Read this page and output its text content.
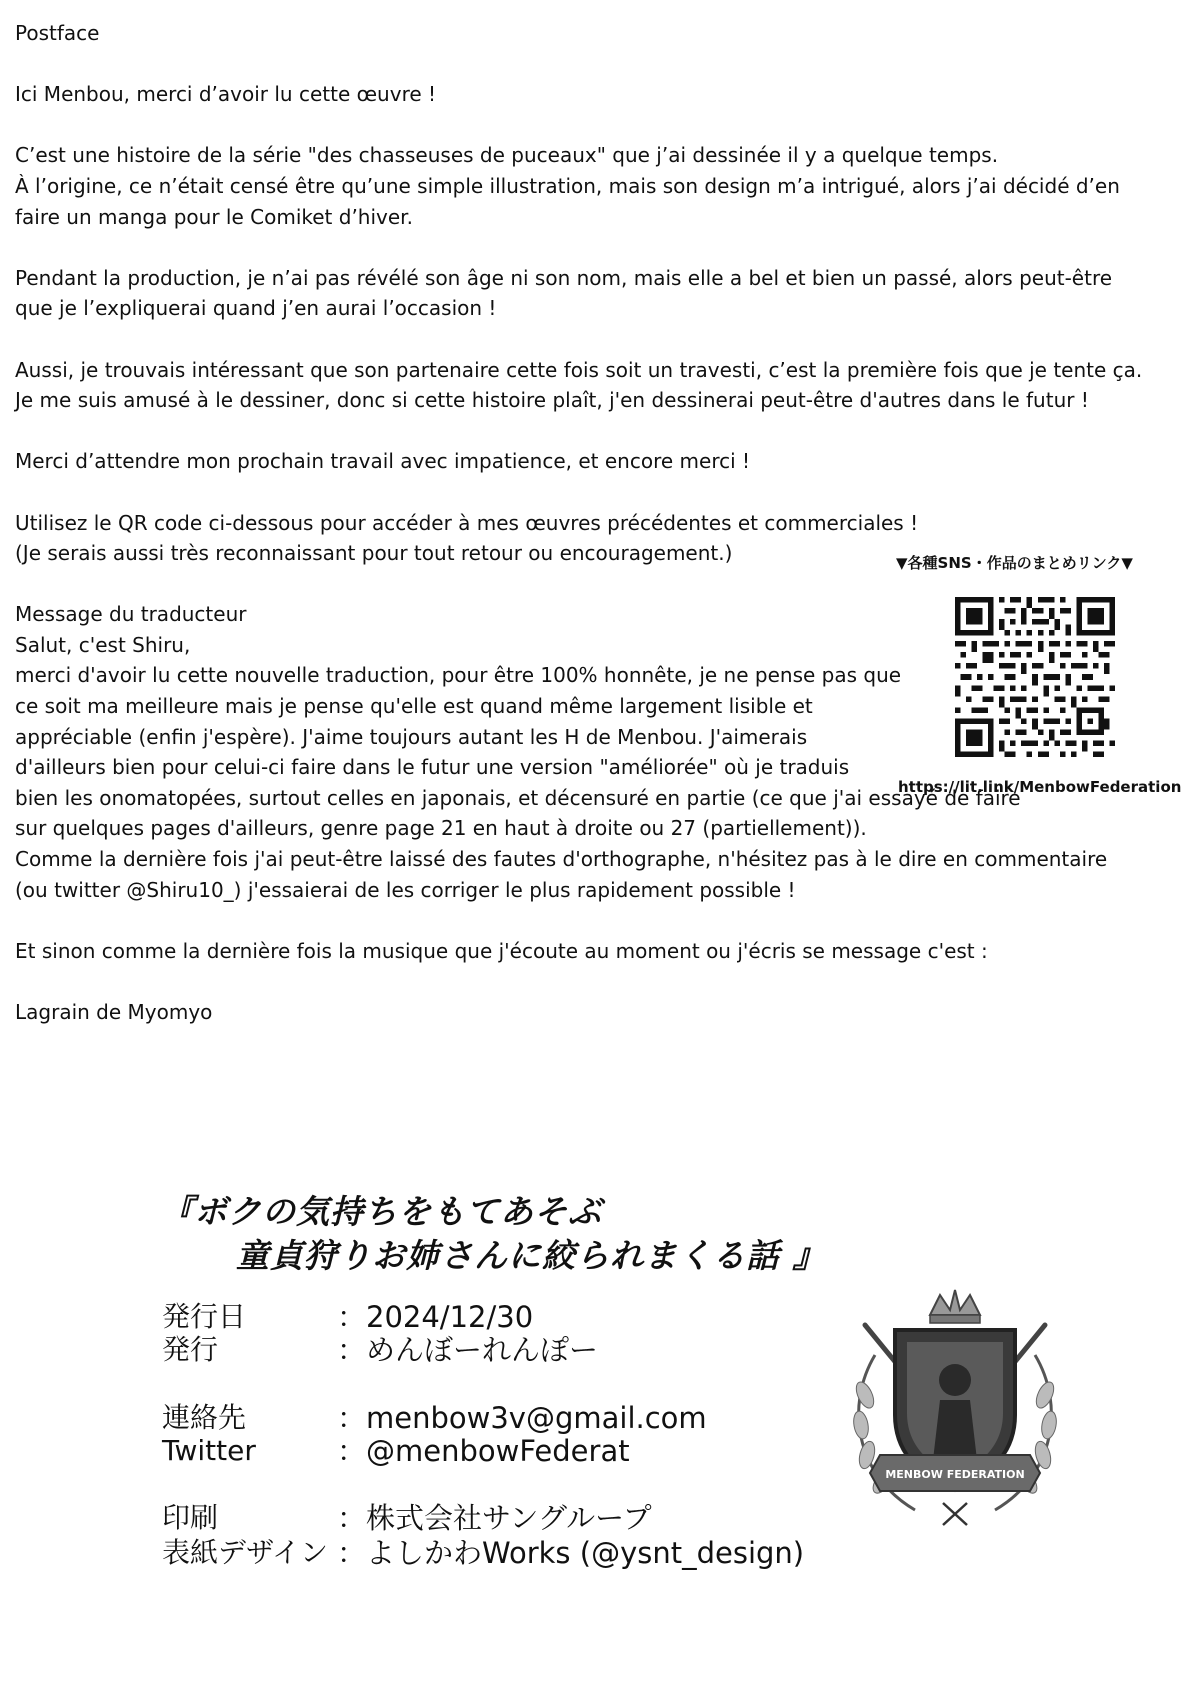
Postface

Ici Menbou, merci d’avoir lu cette œuvre !

C’est une histoire de la série "des chasseuses de puceaux" que j’ai dessinée il y a quelque temps.
À l’origine, ce n’était censé être qu’une simple illustration, mais son design m’a intrigué, alors j’ai décidé d’en
faire un manga pour le Comiket d’hiver.

Pendant la production, je n’ai pas révélé son âge ni son nom, mais elle a bel et bien un passé, alors peut-être
que je l’expliquerai quand j’en aurai l’occasion !

Aussi, je trouvais intéressant que son partenaire cette fois soit un travesti, c’est la première fois que je tente ça.
Je me suis amusé à le dessiner, donc si cette histoire plaît, j'en dessinerai peut-être d'autres dans le futur !

Merci d’attendre mon prochain travail avec impatience, et encore merci !

Utilisez le QR code ci-dessous pour accéder à mes œuvres précédentes et commerciales !
(Je serais aussi très reconnaissant pour tout retour ou encouragement.)

Message du traducteur
Salut, c'est Shiru,
merci d'avoir lu cette nouvelle traduction, pour être 100% honnête, je ne pense pas que
ce soit ma meilleure mais je pense qu'elle est quand même largement lisible et
appréciable (enfin j'espère). J'aime toujours autant les H de Menbou. J'aimerais
d'ailleurs bien pour celui-ci faire dans le futur une version "améliorée" où je traduis
bien les onomatopées, surtout celles en japonais, et décensuré en partie (ce que j'ai essayé de faire
sur quelques pages d'ailleurs, genre page 21 en haut à droite ou 27 (partiellement)).
Comme la dernière fois j'ai peut-être laissé des fautes d'orthographe, n'hésitez pas à le dire en commentaire
(ou twitter @Shiru10_) j'essaierai de les corriger le plus rapidement possible !

Et sinon comme la dernière fois la musique que j'écoute au moment ou j'écris se message c'est :

Lagrain de Myomyo

▼各種SNS・作品のまとめリンク▼
https://lit.link/MenbowFederation
『ボクの気持ちをもてあそぶ
童貞狩りお姉さんに絞られまくる話 』
発行日	：2024/12/30
発行	：めんぼーれんぽー
連絡先	：menbow3v@gmail.com
Twitter	：@menbowFederat
印刷	：株式会社サングループ
表紙デザイン ：よしかわWorks (@ysnt_design)
MENBOW FEDERATION
